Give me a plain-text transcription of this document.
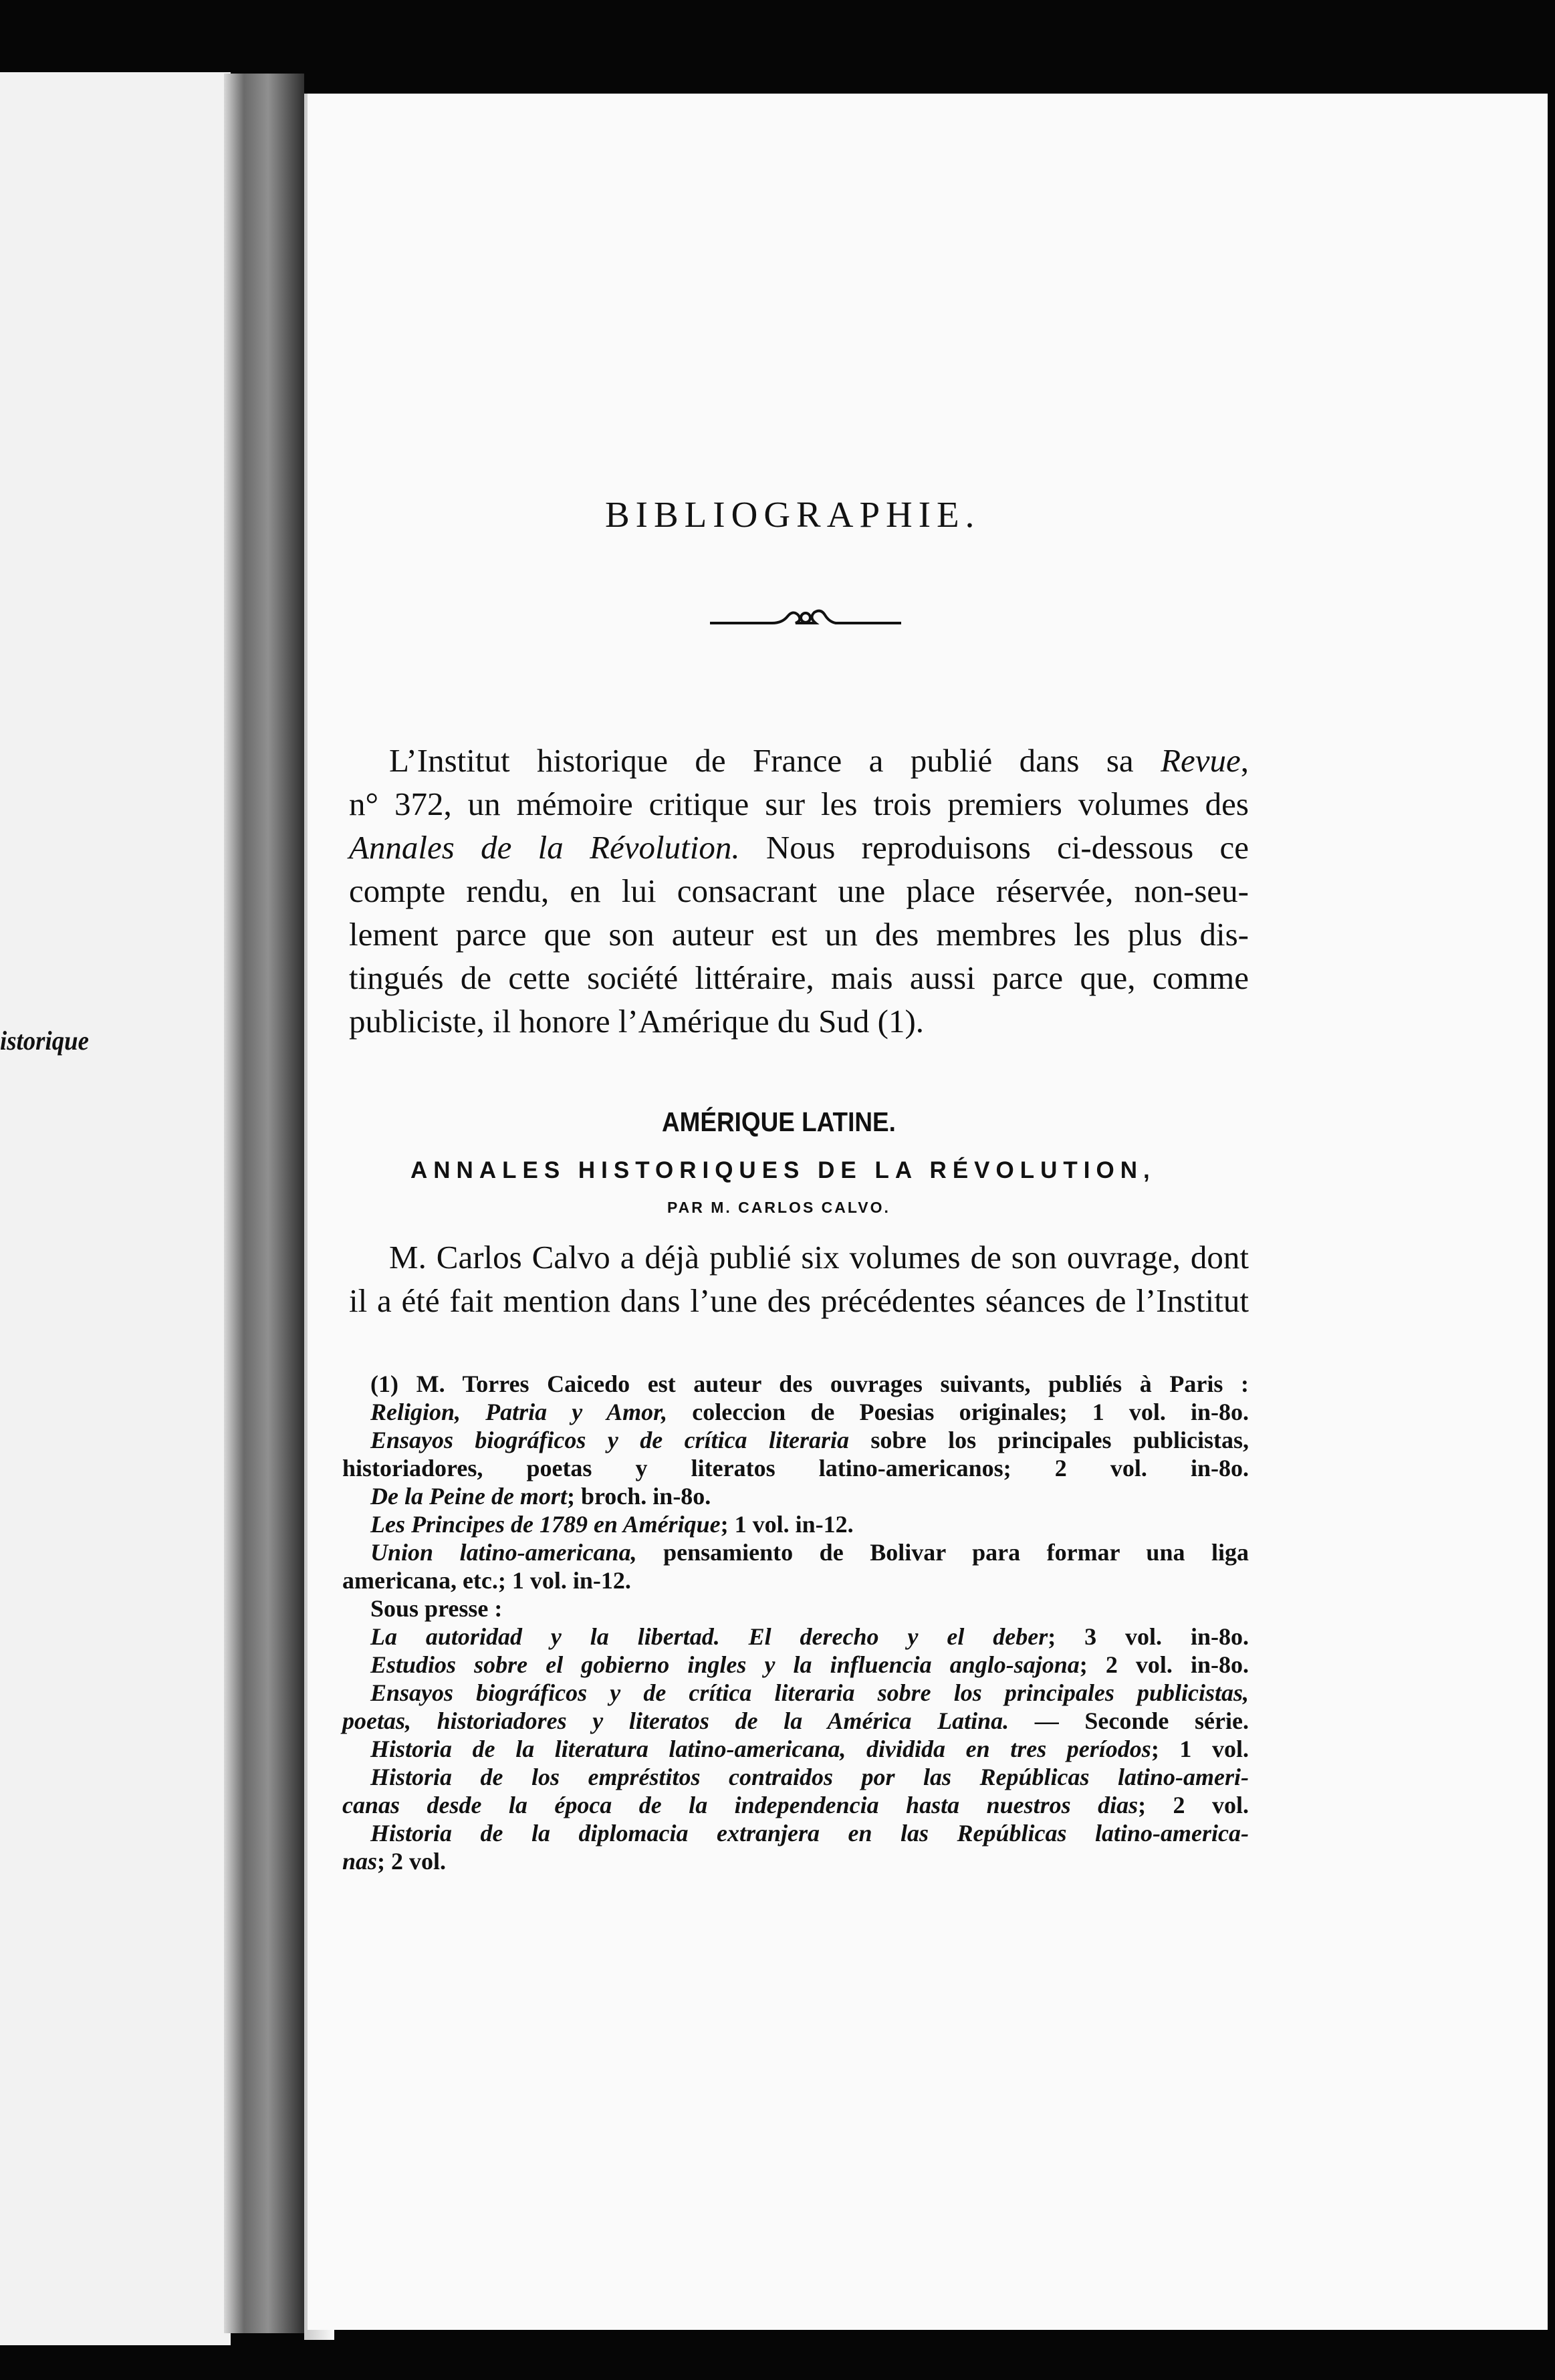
istorique
BIBLIOGRAPHIE.
L’Institut historique de France a publié dans sa Revue,
n° 372, un mémoire critique sur les trois premiers volumes des
Annales de la Révolution. Nous reproduisons ci-dessous ce
compte rendu, en lui consacrant une place réservée, non-seu-
lement parce que son auteur est un des membres les plus dis-
tingués de cette société littéraire, mais aussi parce que, comme
publiciste, il honore l’Amérique du Sud (1).
AMÉRIQUE LATINE.
ANNALES HISTORIQUES DE LA RÉVOLUTION,
PAR M. CARLOS CALVO.
M. Carlos Calvo a déjà publié six volumes de son ouvrage, dont
il a été fait mention dans l’une des précédentes séances de l’Institut
(1) M. Torres Caicedo est auteur des ouvrages suivants, publiés à Paris :
Religion, Patria y Amor, coleccion de Poesias originales; 1 vol. in-8o.
Ensayos biográficos y de crítica literaria sobre los principales publicistas,
historiadores, poetas y literatos latino-americanos; 2 vol. in-8o.
De la Peine de mort; broch. in-8o.
Les Principes de 1789 en Amérique; 1 vol. in-12.
Union latino-americana, pensamiento de Bolivar para formar una liga
americana, etc.; 1 vol. in-12.
Sous presse :
La autoridad y la libertad. El derecho y el deber; 3 vol. in-8o.
Estudios sobre el gobierno ingles y la influencia anglo-sajona; 2 vol. in-8o.
Ensayos biográficos y de crítica literaria sobre los principales publicistas,
poetas, historiadores y literatos de la América Latina. — Seconde série.
Historia de la literatura latino-americana, dividida en tres períodos; 1 vol.
Historia de los empréstitos contraidos por las Repúblicas latino-ameri-
canas desde la época de la independencia hasta nuestros dias; 2 vol.
Historia de la diplomacia extranjera en las Repúblicas latino-america-
nas; 2 vol.
